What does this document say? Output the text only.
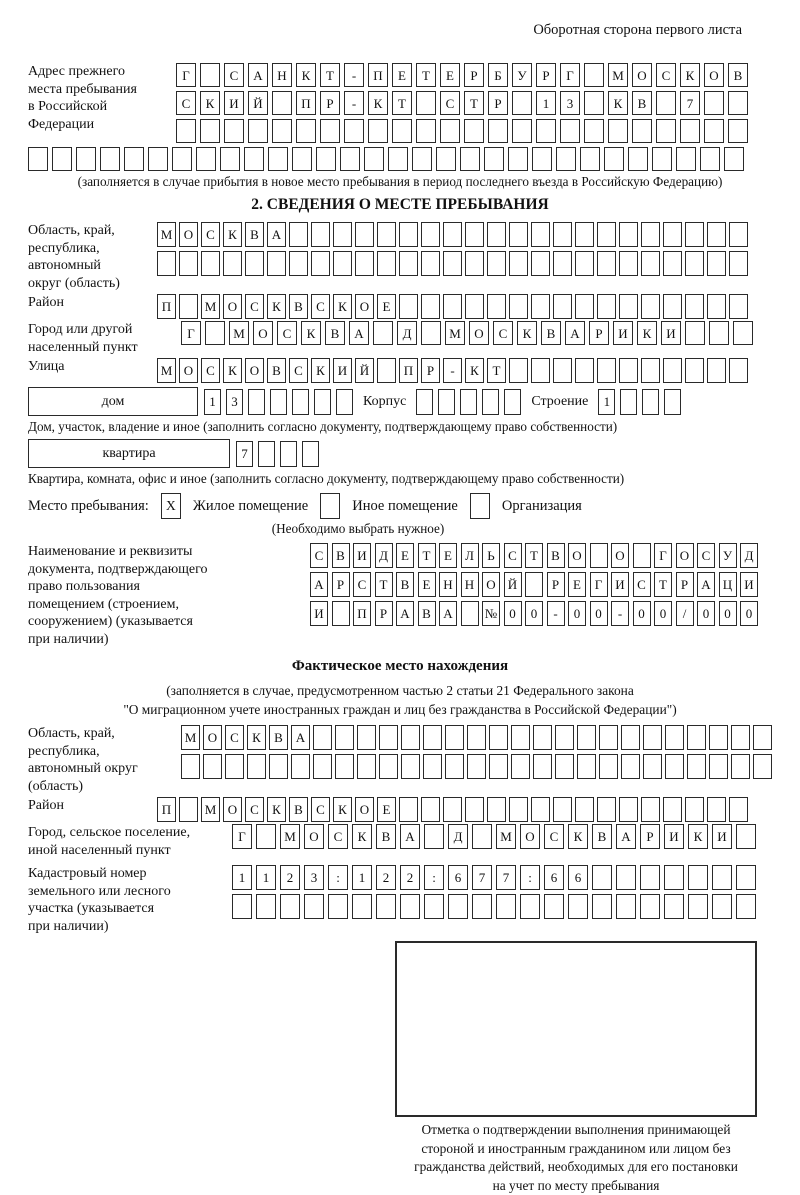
Оборотная сторона первого листа
Адрес прежнего
места пребывания
в Российской
Федерации
Г	С	А	Н	К	Т	-	П	Е	Т	Е	Р	Б	У	Р	Г	М	О	С	К	О	В
С	К	И	Й	П	Р	-	К	Т	С	Т	Р	1	3	К	В	7
(заполняется в случае прибытия в новое место пребывания в период последнего въезда в Российскую Федерацию)
2. СВЕДЕНИЯ О МЕСТЕ ПРЕБЫВАНИЯ
Область, край,
республика,
автономный
округ (область)
М О С	К	В А
Район	П	М О С	К	В	С	К О	Е
Город или другой
населенный пункт
Г	М	О	С	К	В	А	Д	М	О	С	К	В	А	Р	И	К	И
Улица	М О С	К О В	С	К И Й	П	Р	-	К	Т
дом	1	3	Корпус	Строение	1
Дом, участок, владение и иное (заполнить согласно документу, подтверждающему право собственности)
квартира	7
Квартира, комната, офис и иное (заполнить согласно документу, подтверждающему право собственности)
Место пребывания:	X	Жилое помещение	Иное помещение	Организация
(Необходимо выбрать нужное)
Наименование и реквизиты
документа, подтверждающего
право пользования
помещением (строением,
сооружением) (указывается
при наличии)
С В И Д	Е	Т	Е	Л	Ь	С	Т	В О	О	Г	О С У Д
А	Р	С	Т	В	Е Н Н О Й	Р	Е	Г	И С	Т	Р	А Ц И
И	П	Р	А В А	№ 0	0	-	0	0	-	0	0	/	0	0	0
Фактическое место нахождения
(заполняется в случае, предусмотренном частью 2 статьи 21 Федерального закона
"О миграционном учете иностранных граждан и лиц без гражданства в Российской Федерации")
Область, край,
республика,
автономный округ
(область)
М О С	К	В А
Район	П	М О С	К	В	С	К О	Е
Город, сельское поселение,
иной населенный пункт
Г	М	О	С	К	В	А	Д	М	О	С	К	В	А	Р	И	К	И
Кадастровый номер
земельного или лесного
участка (указывается
при наличии)
1	1	2	3	:	1	2	2	:	6	7	7	:	6	6
Отметка о подтверждении выполнения принимающей
стороной и иностранным гражданином или лицом без
гражданства действий, необходимых для его постановки
на учет по месту пребывания
